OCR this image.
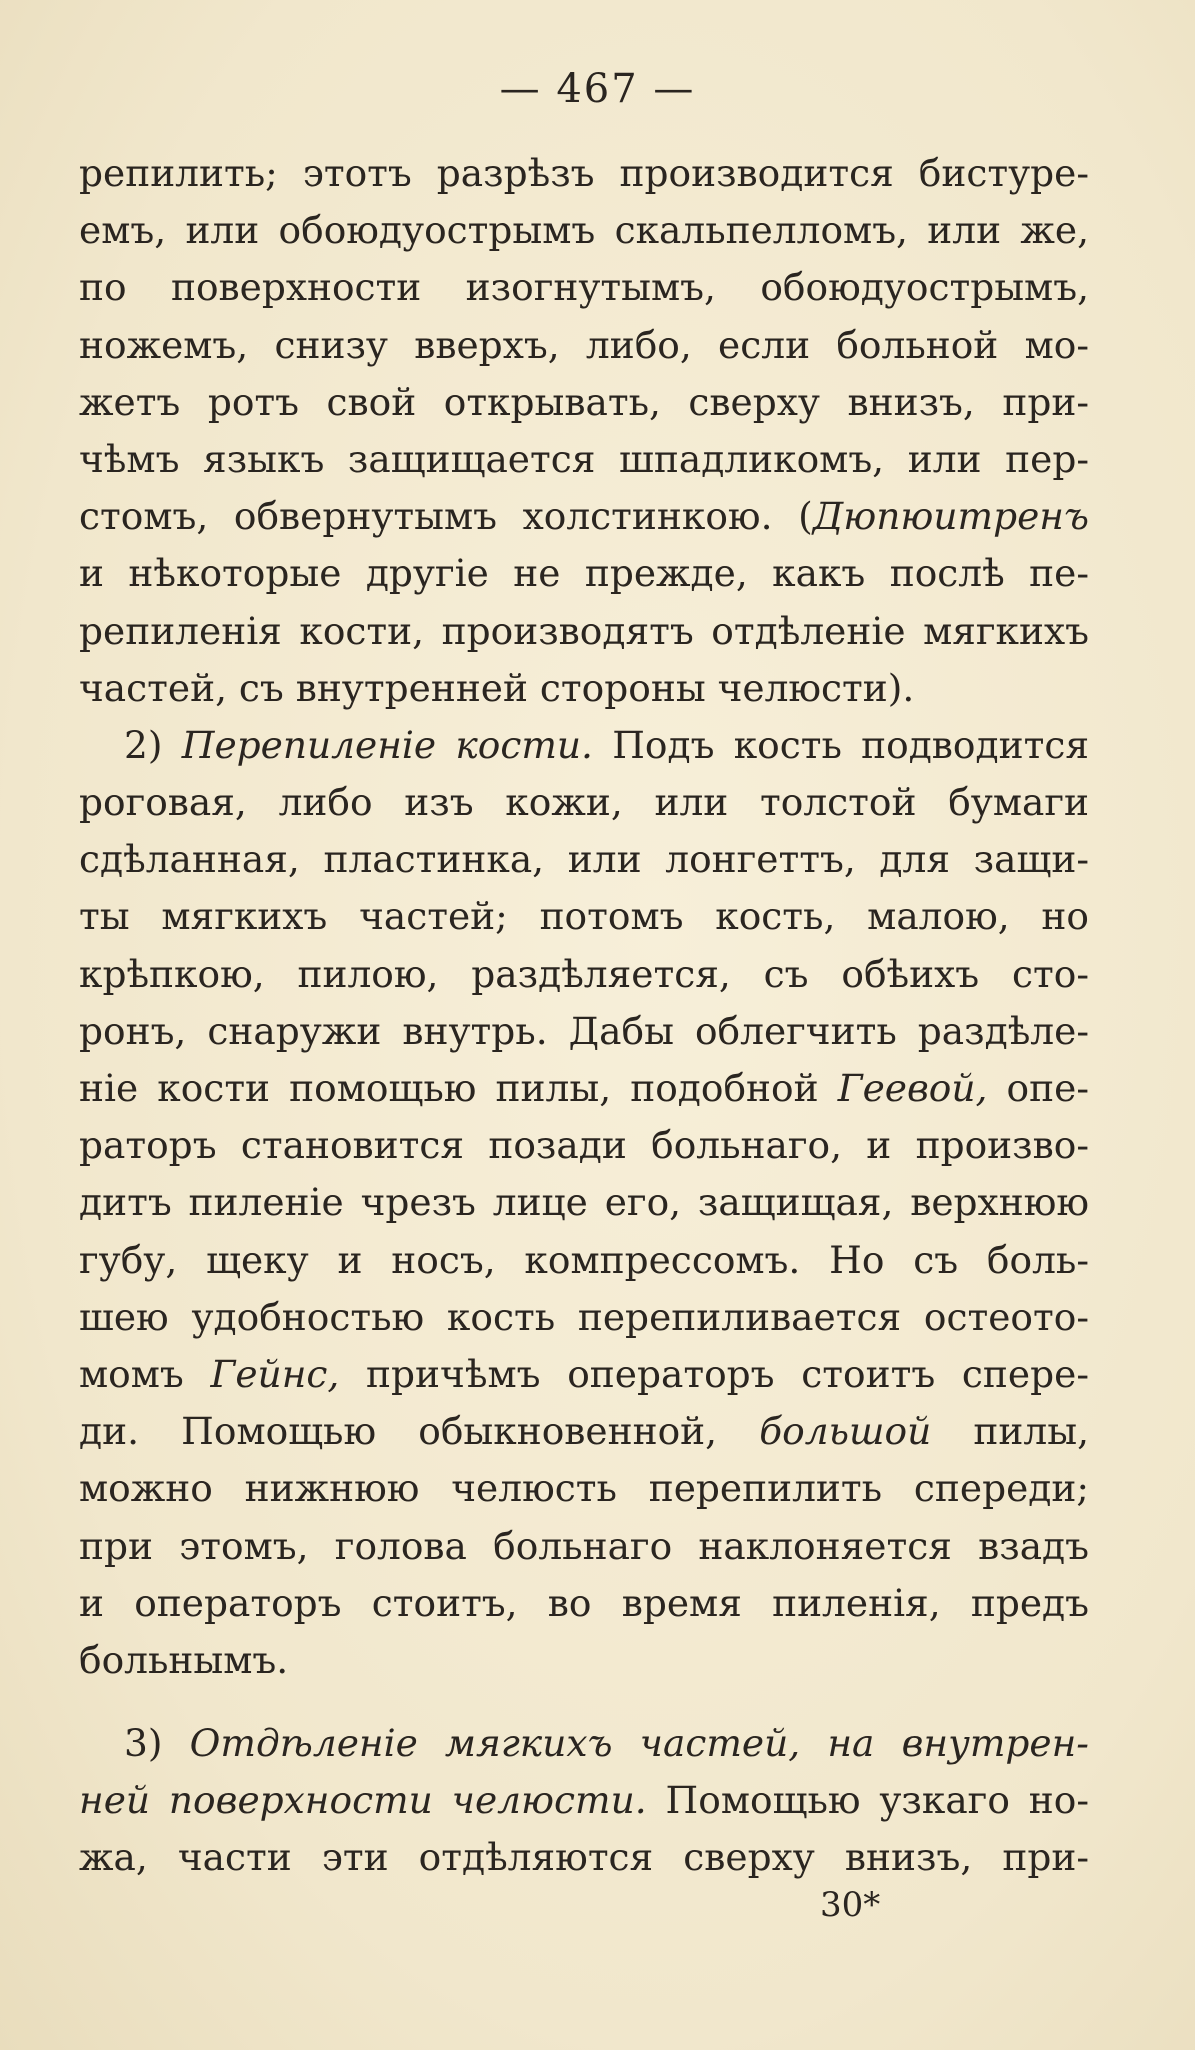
— 467 —
репилить; этотъ разрѣзъ производится бистуре-
емъ, или обоюдуострымъ скальпелломъ, или же,
по поверхности изогнутымъ, обоюдуострымъ,
ножемъ, снизу вверхъ, либо, если больной мо-
жетъ ротъ свой открывать, сверху внизъ, при-
чѣмъ языкъ защищается шпадликомъ, или пер-
стомъ, обвернутымъ холстинкою. (Дюпюитренъ
и нѣкоторые другіе не прежде, какъ послѣ пе-
репиленія кости, производятъ отдѣленіе мягкихъ
частей, съ внутренней стороны челюсти).
2) Перепиленіе кости. Подъ кость подводится
роговая, либо изъ кожи, или толстой бумаги
сдѣланная, пластинка, или лонгеттъ, для защи-
ты мягкихъ частей; потомъ кость, малою, но
крѣпкою, пилою, раздѣляется, съ обѣихъ сто-
ронъ, снаружи внутрь. Дабы облегчить раздѣле-
ніе кости помощью пилы, подобной Геевой, опе-
раторъ становится позади больнаго, и произво-
дитъ пиленіе чрезъ лице его, защищая, верхнюю
губу, щеку и носъ, компрессомъ. Но съ боль-
шею удобностью кость перепиливается остеото-
момъ Гейнс, причѣмъ операторъ стоитъ спере-
ди. Помощью обыкновенной, большой пилы,
можно нижнюю челюсть перепилить спереди;
при этомъ, голова больнаго наклоняется взадъ
и операторъ стоитъ, во время пиленія, предъ
больнымъ.
3) Отдѣленіе мягкихъ частей, на внутрен-
ней поверхности челюсти. Помощью узкаго но-
жа, части эти отдѣляются сверху внизъ, при-
30*
